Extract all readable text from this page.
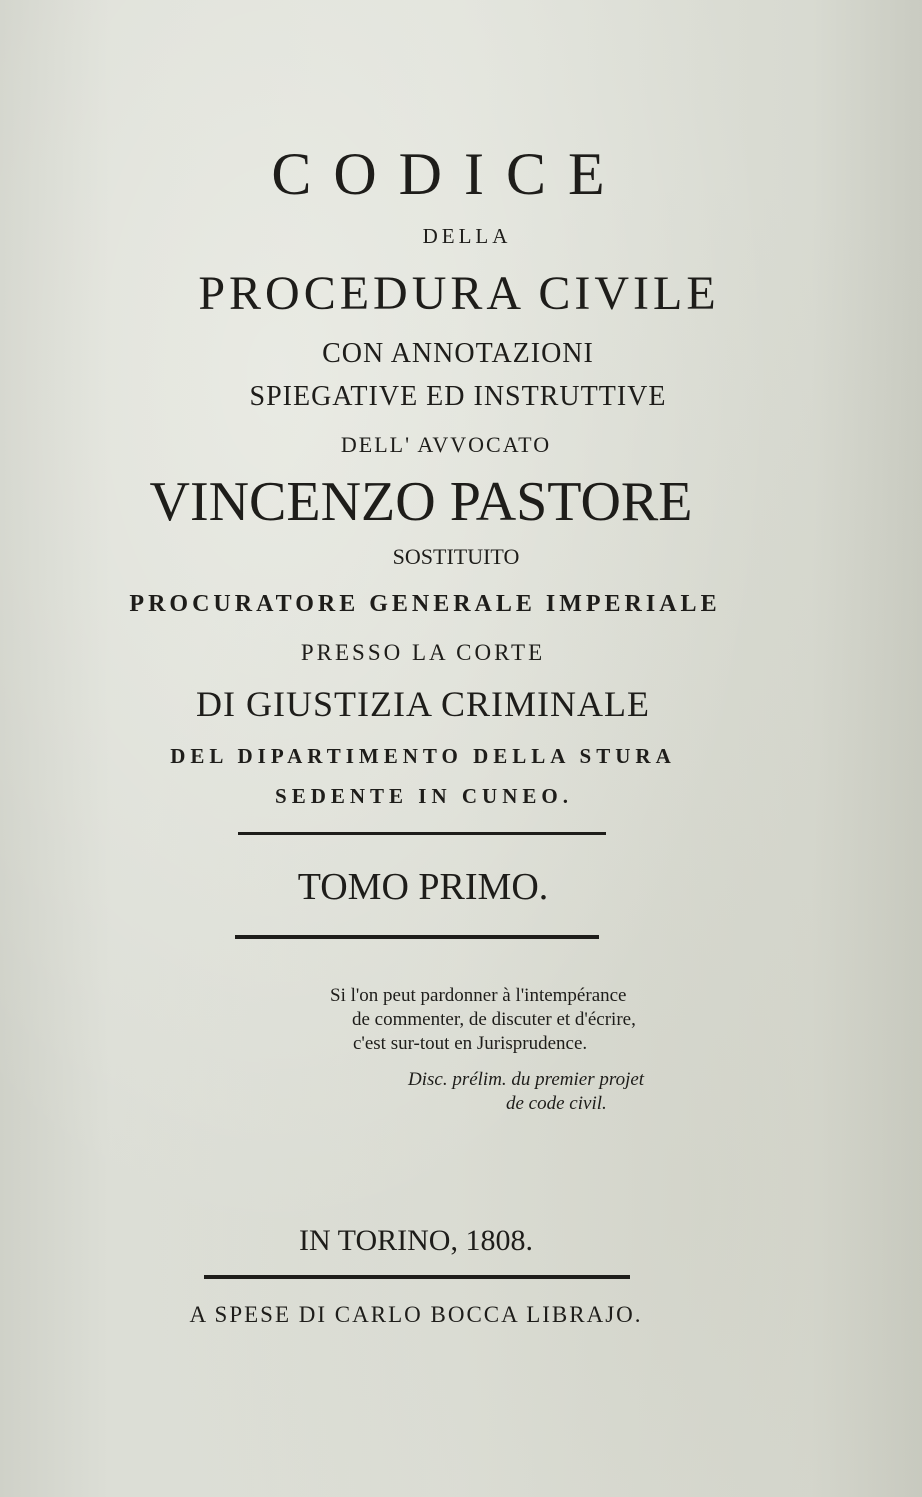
CODICE
DELLA
PROCEDURA CIVILE
CON ANNOTAZIONI
SPIEGATIVE ED INSTRUTTIVE
DELL' AVVOCATO
VINCENZO PASTORE
SOSTITUITO
PROCURATORE GENERALE IMPERIALE
PRESSO LA CORTE
DI GIUSTIZIA CRIMINALE
DEL DIPARTIMENTO DELLA STURA
SEDENTE IN CUNEO.
TOMO PRIMO.
Si l'on peut pardonner à l'intempérance
de commenter, de discuter et d'écrire,
c'est sur-tout en Jurisprudence.
Disc. prélim. du premier projet
de code civil.
IN TORINO, 1808.
A SPESE DI CARLO BOCCA LIBRAJO.
